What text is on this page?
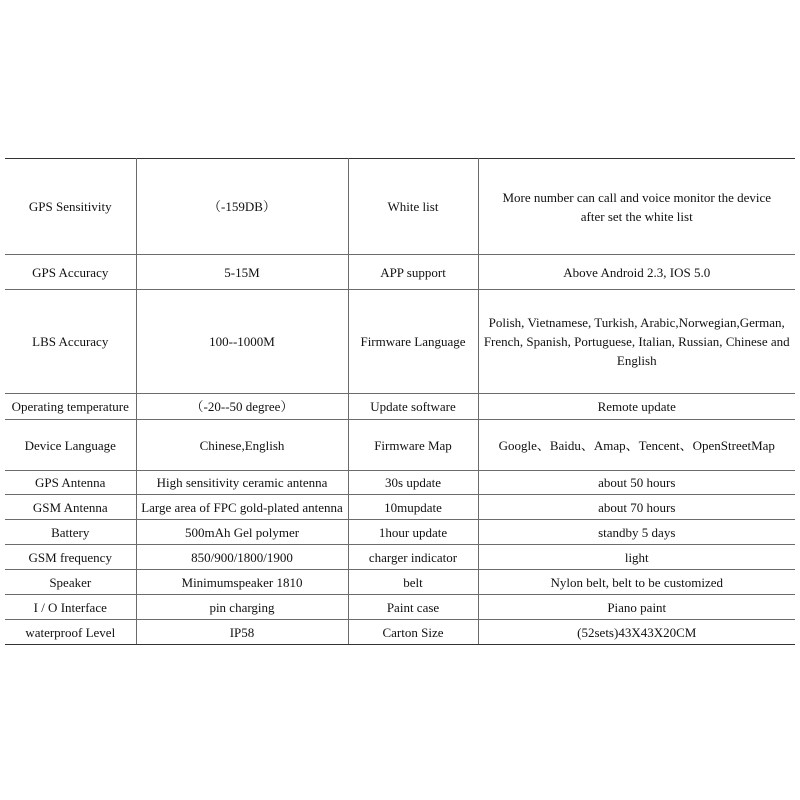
GPS Sensitivity	（-159DB）	White list	More number can call and voice monitor the device after set the white list
GPS Accuracy	5-15M	APP support	Above Android 2.3, IOS 5.0
LBS Accuracy	100--1000M	Firmware Language	Polish, Vietnamese, Turkish, Arabic,Norwegian,German, French, Spanish, Portuguese, Italian, Russian, Chinese and English
Operating temperature	（-20--50 degree）	Update software	Remote update
Device Language	Chinese,English	Firmware Map	Google、Baidu、Amap、Tencent、OpenStreetMap
GPS Antenna	High sensitivity ceramic antenna	30s update	about 50 hours
GSM Antenna	Large area of FPC gold-plated antenna	10mupdate	about 70 hours
Battery	500mAh Gel polymer	1hour update	standby 5 days
GSM frequency	850/900/1800/1900	charger indicator	light
Speaker	Minimumspeaker 1810	belt	Nylon belt, belt to be customized
I / O Interface	pin charging	Paint case	Piano paint
waterproof Level	IP58	Carton Size	(52sets)43X43X20CM
